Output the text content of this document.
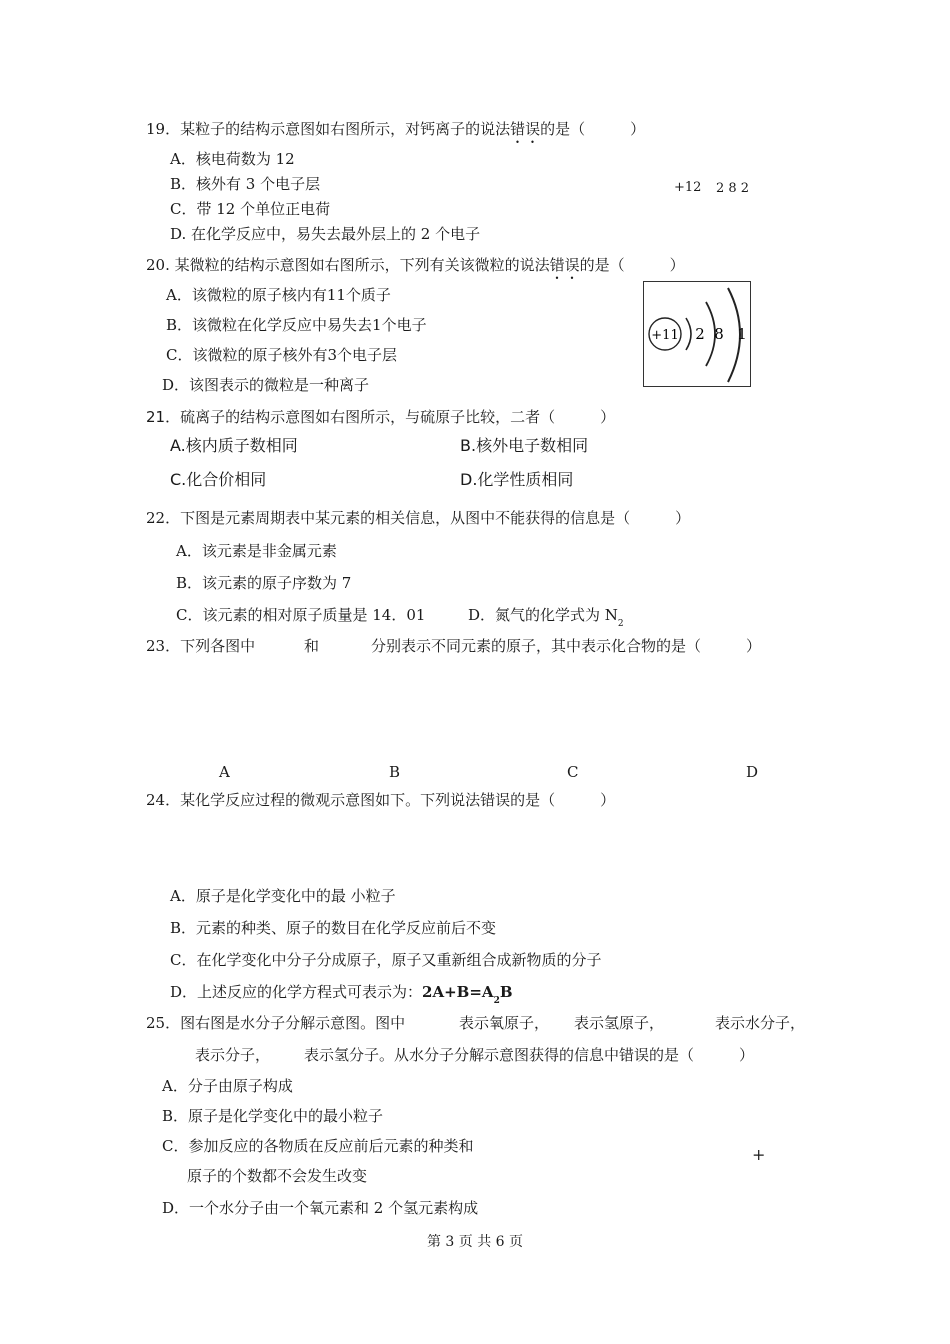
19．某粒子的结构示意图如右图所示，对钙离子的说法错误的是（　　　）
A．核电荷数为 12
B．核外有 3 个电子层
C．带 12 个单位正电荷
D. 在化学反应中，易失去最外层上的 2 个电子
+12 2 8 2
20. 某微粒的结构示意图如右图所示，下列有关该微粒的说法错误的是（　　　）
A．该微粒的原子核内有11个质子
B．该微粒在化学反应中易失去1个电子
C．该微粒的原子核外有3个电子层
D．该图表示的微粒是一种离子
+11 2 8 1
21．硫离子的结构示意图如右图所示，与硫原子比较，二者（　　　）
A.核内质子数相同	B.核外电子数相同
C.化合价相同	D.化学性质相同
22．下图是元素周期表中某元素的相关信息，从图中不能获得的信息是（　　　）
A．该元素是非金属元素
B．该元素的原子序数为 7
C．该元素的相对原子质量是 14．01	D．氮气的化学式为 $N_2$
23．下列各图中	和	分别表示不同元素的原子，其中表示化合物的是（　　　）
A	B	C	D
24．某化学反应过程的微观示意图如下。下列说法错误的是（　　　）
A．原子是化学变化中的最 小粒子
B．元素的种类、原子的数目在化学反应前后不变
C．在化学变化中分子分成原子，原子又重新组合成新物质的分子
D．上述反应的化学方程式可表示为：$2A+B=A_2B$
25．图右图是水分子分解示意图。图中	表示氧原子， 表示氢原子，	表示水分子，
表示分子， 表示氢分子。从水分子分解示意图获得的信息中错误的是（　　　）
A．分子由原子构成
B．原子是化学变化中的最小粒子
C．参加反应的各物质在反应前后元素的种类和
原子的个数都不会发生改变
D．一个水分子由一个氧元素和 2 个氢元素构成
+
第 3 页 共 6 页
